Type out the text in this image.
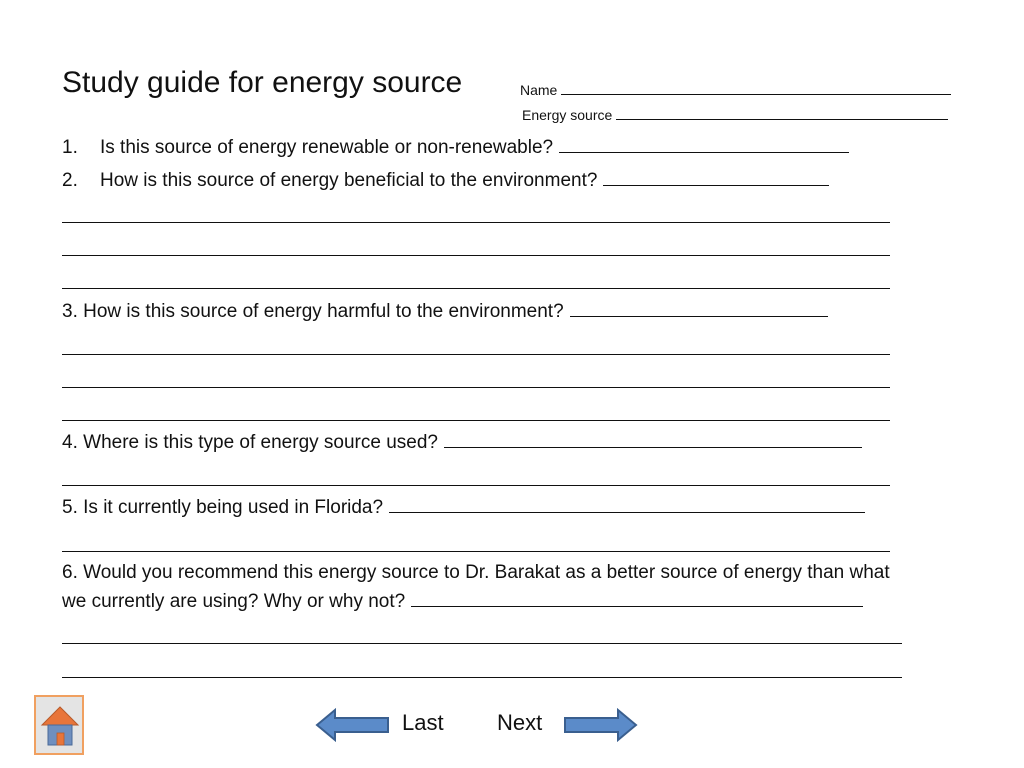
Study guide for energy source	Name
Energy source
1. Is this source of energy renewable or non-renewable?
2. How is this source of energy beneficial to the environment?
3. How is this source of energy harmful to the environment?
4. Where is this type of energy source used?
5. Is it currently being used in Florida?
6. Would you recommend this energy source to Dr. Barakat as a better source of energy than what
we currently are using? Why or why not?
Last Next
